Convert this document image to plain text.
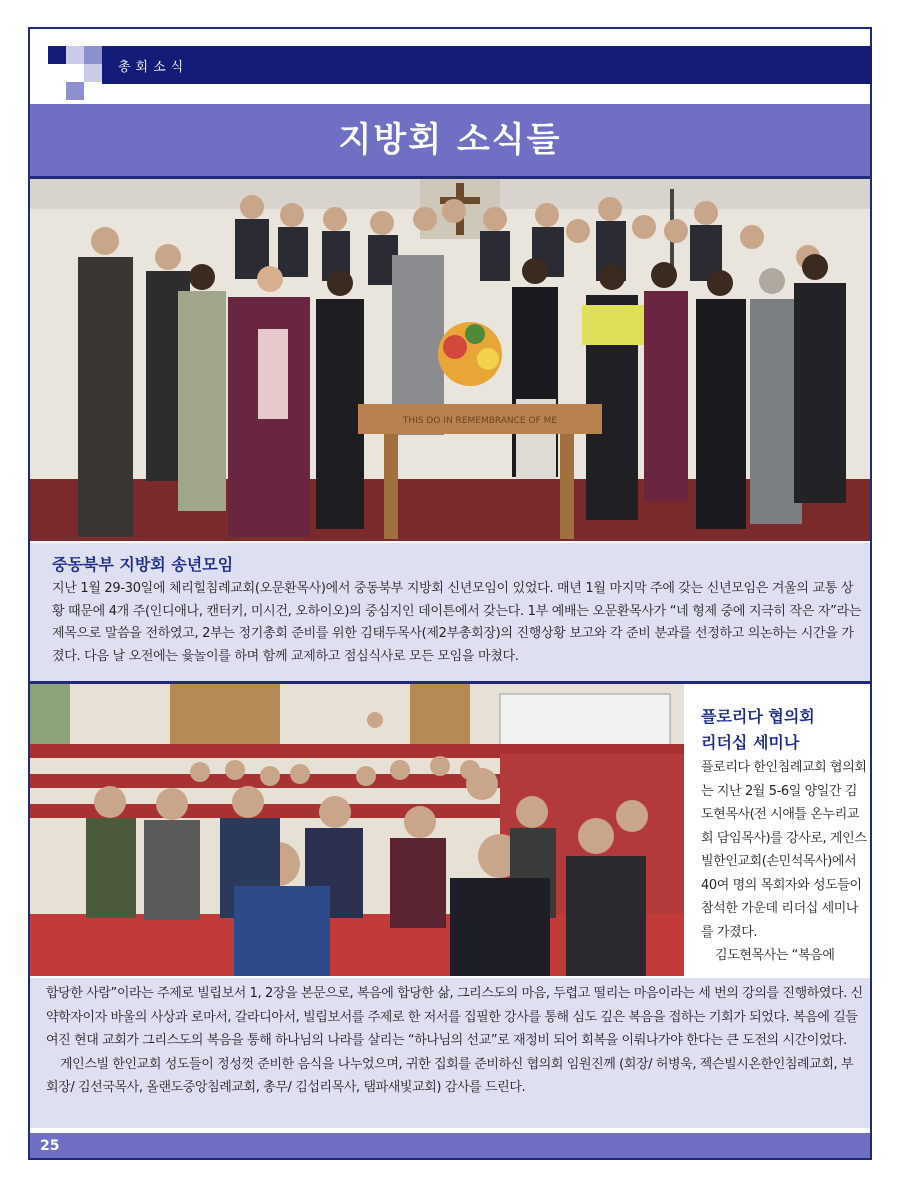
총회소식
지방회 소식들
THIS DO IN REMEMBRANCE OF ME
중동북부 지방회 송년모임
지난 1월 29-30일에 체리힐침례교회(오문환목사)에서 중동북부 지방회 신년모임이 있었다. 매년 1월 마지막 주에 갖는 신년모임은 겨울의 교통 상황 때문에 4개 주(인디애나, 캔터키, 미시건, 오하이오)의 중심지인 데이튼에서 갖는다. 1부 예배는 오문환목사가 “네 형제 중에 지극히 작은 자”라는 제목으로 말씀을 전하였고, 2부는 정기총회 준비를 위한 김태두목사(제2부총회장)의 진행상황 보고와 각 준비 분과를 선정하고 의논하는 시간을 가졌다. 다음 날 오전에는 윷놀이를 하며 함께 교제하고 점심식사로 모든 모임을 마쳤다.
플로리다 협의회
리더십 세미나
플로리다 한인침례교회 협의회는 지난 2월 5-6일 양일간 김도현목사(전 시애틀 온누리교회 담임목사)를 강사로, 게인스빌한인교회(손민석목사)에서 40여 명의 목회자와 성도들이 참석한 가운데 리더십 세미나를 가졌다.
김도현목사는 “복음에
합당한 사람”이라는 주제로 빌립보서 1, 2장을 본문으로, 복음에 합당한 삶, 그리스도의 마음, 두렵고 떨리는 마음이라는 세 번의 강의를 진행하였다. 신약학자이자 바울의 사상과 로마서, 갈라디아서, 빌립보서를 주제로 한 저서를 집필한 강사를 통해 심도 깊은 복음을 접하는 기회가 되었다. 복음에 길들여진 현대 교회가 그리스도의 복음을 통해 하나님의 나라를 살리는 “하나님의 선교”로 재정비 되어 회복을 이뤄나가야 한다는 큰 도전의 시간이었다.
게인스빌 한인교회 성도들이 정성껏 준비한 음식을 나누었으며, 귀한 집회를 준비하신 협의회 임원진께 (회장/ 허병욱, 젝슨빌시온한인침례교회, 부회장/ 김선국목사, 올랜도중앙침례교회, 총무/ 김섭리목사, 탬파새빛교회) 감사를 드린다.
25
